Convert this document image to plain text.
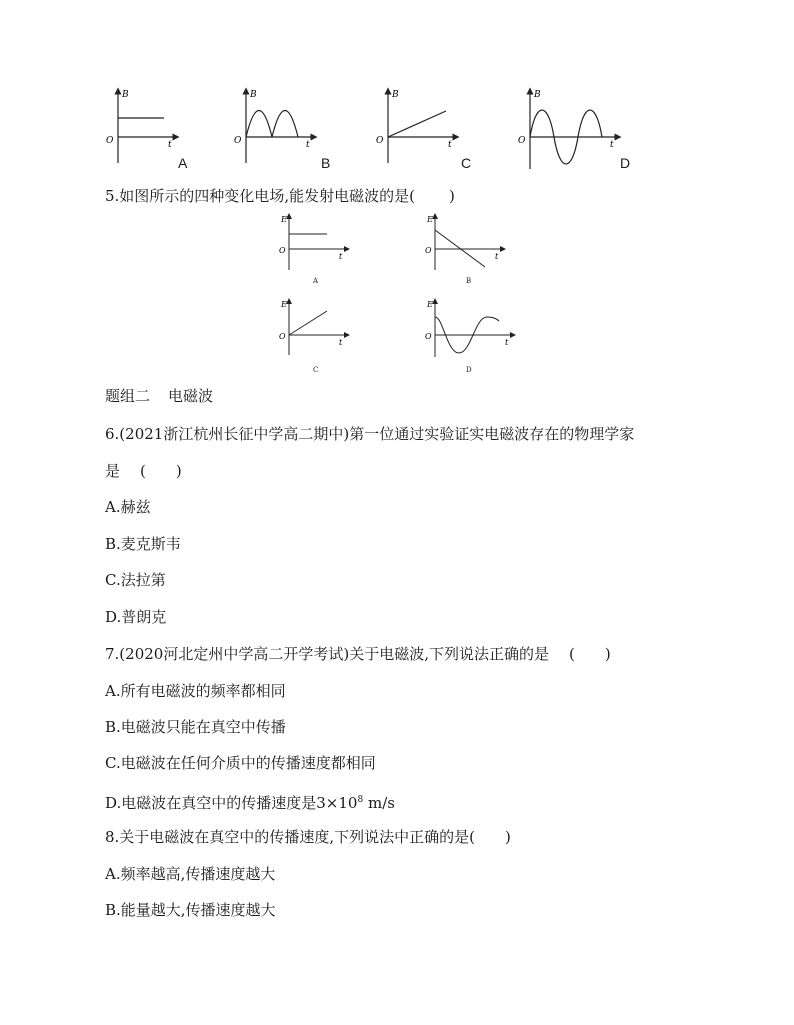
B
t
O
A
B
t
O
B
B
t
O
C
B
t
O
D
5.如图所示的四种变化电场,能发射电磁波的是( )
E
t
O
A
E
t
O
B
E
t
O
C
E
t
O
D
题组二 电磁波
6.(2021浙江杭州长征中学高二期中)第一位通过实验证实电磁波存在的物理学家
是 ( )
A.赫兹
B.麦克斯韦
C.法拉第
D.普朗克
7.(2020河北定州中学高二开学考试)关于电磁波,下列说法正确的是 ( )
A.所有电磁波的频率都相同
B.电磁波只能在真空中传播
C.电磁波在任何介质中的传播速度都相同
D.电磁波在真空中的传播速度是$3\times 10^8$ m/s
8.关于电磁波在真空中的传播速度,下列说法中正确的是( )
A.频率越高,传播速度越大
B.能量越大,传播速度越大
